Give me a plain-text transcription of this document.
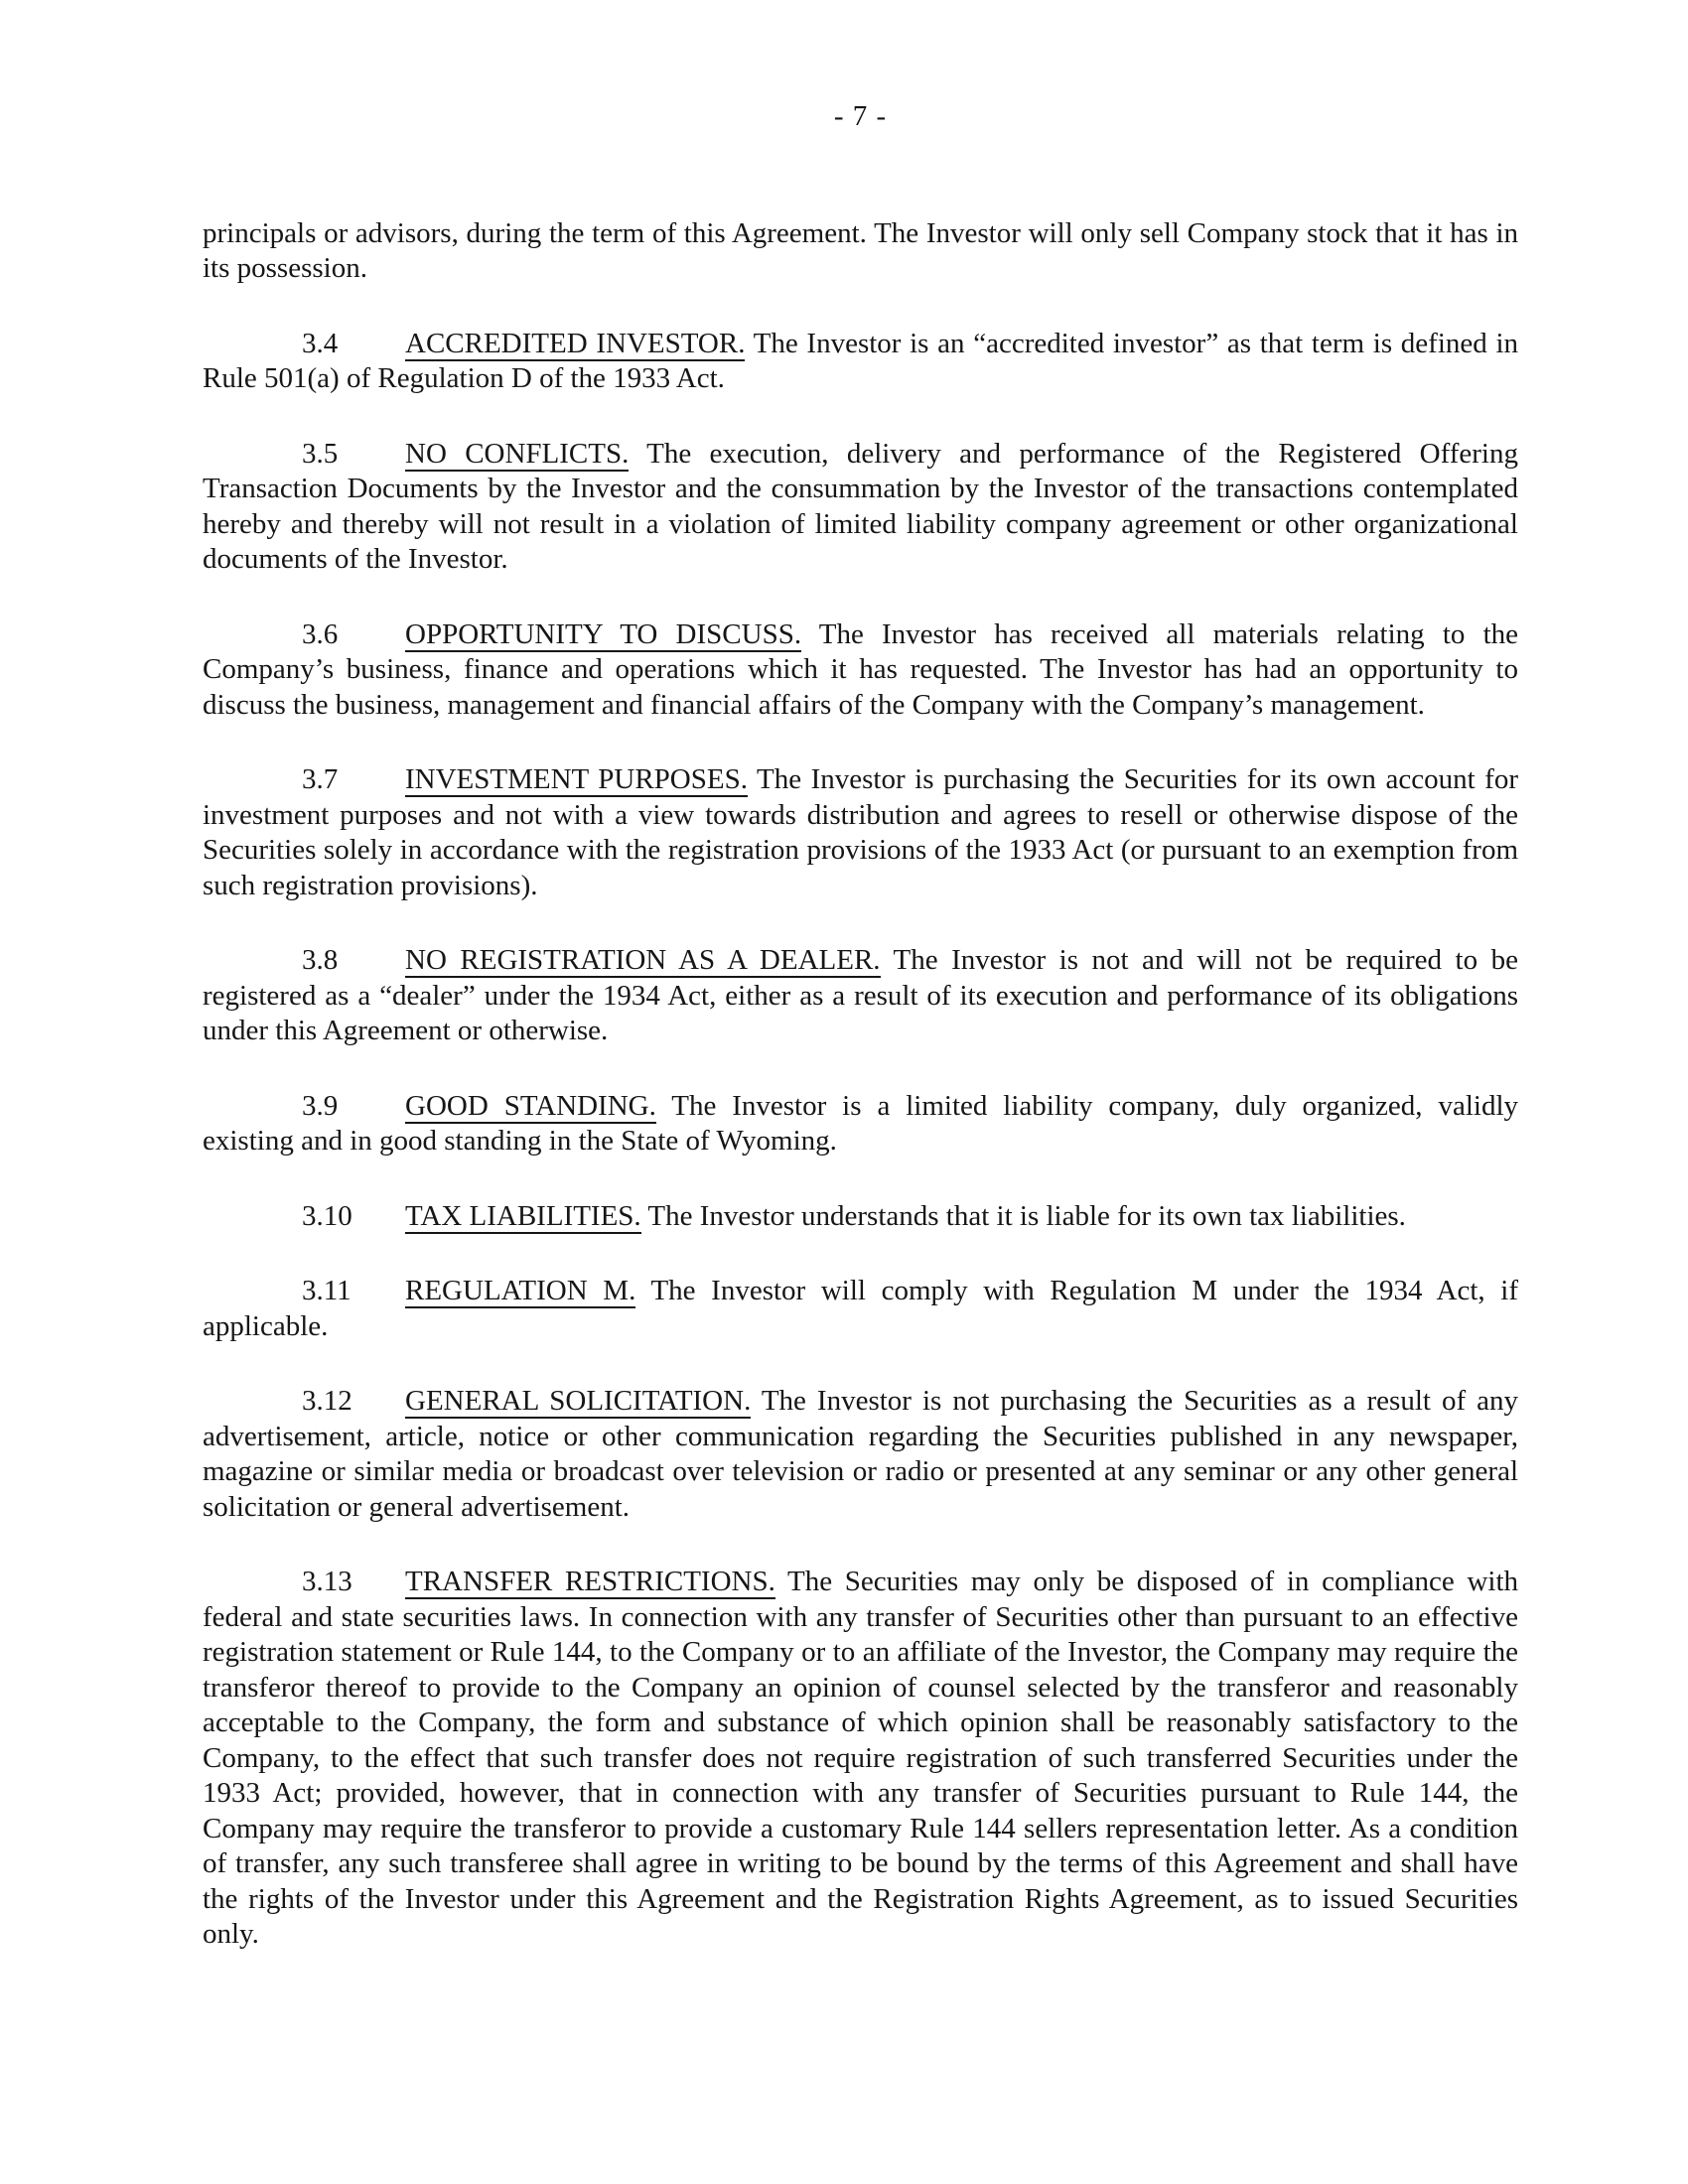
- 7 -

principals or advisors, during the term of this Agreement. The Investor will only sell Company stock that it has in its possession.

3.4 ACCREDITED INVESTOR. The Investor is an “accredited investor” as that term is defined in Rule 501(a) of Regulation D of the 1933 Act.

3.5 NO CONFLICTS. The execution, delivery and performance of the Registered Offering Transaction Documents by the Investor and the consummation by the Investor of the transactions contemplated hereby and thereby will not result in a violation of limited liability company agreement or other organizational documents of the Investor.

3.6 OPPORTUNITY TO DISCUSS. The Investor has received all materials relating to the Company’s business, finance and operations which it has requested. The Investor has had an opportunity to discuss the business, management and financial affairs of the Company with the Company’s management.

3.7 INVESTMENT PURPOSES. The Investor is purchasing the Securities for its own account for investment purposes and not with a view towards distribution and agrees to resell or otherwise dispose of the Securities solely in accordance with the registration provisions of the 1933 Act (or pursuant to an exemption from such registration provisions).

3.8 NO REGISTRATION AS A DEALER. The Investor is not and will not be required to be registered as a “dealer” under the 1934 Act, either as a result of its execution and performance of its obligations under this Agreement or otherwise.

3.9 GOOD STANDING. The Investor is a limited liability company, duly organized, validly existing and in good standing in the State of Wyoming.

3.10 TAX LIABILITIES. The Investor understands that it is liable for its own tax liabilities.

3.11 REGULATION M. The Investor will comply with Regulation M under the 1934 Act, if applicable.

3.12 GENERAL SOLICITATION. The Investor is not purchasing the Securities as a result of any advertisement, article, notice or other communication regarding the Securities published in any newspaper, magazine or similar media or broadcast over television or radio or presented at any seminar or any other general solicitation or general advertisement.

3.13 TRANSFER RESTRICTIONS. The Securities may only be disposed of in compliance with federal and state securities laws. In connection with any transfer of Securities other than pursuant to an effective registration statement or Rule 144, to the Company or to an affiliate of the Investor, the Company may require the transferor thereof to provide to the Company an opinion of counsel selected by the transferor and reasonably acceptable to the Company, the form and substance of which opinion shall be reasonably satisfactory to the Company, to the effect that such transfer does not require registration of such transferred Securities under the 1933 Act; provided, however, that in connection with any transfer of Securities pursuant to Rule 144, the Company may require the transferor to provide a customary Rule 144 sellers representation letter. As a condition of transfer, any such transferee shall agree in writing to be bound by the terms of this Agreement and shall have the rights of the Investor under this Agreement and the Registration Rights Agreement, as to issued Securities only.
